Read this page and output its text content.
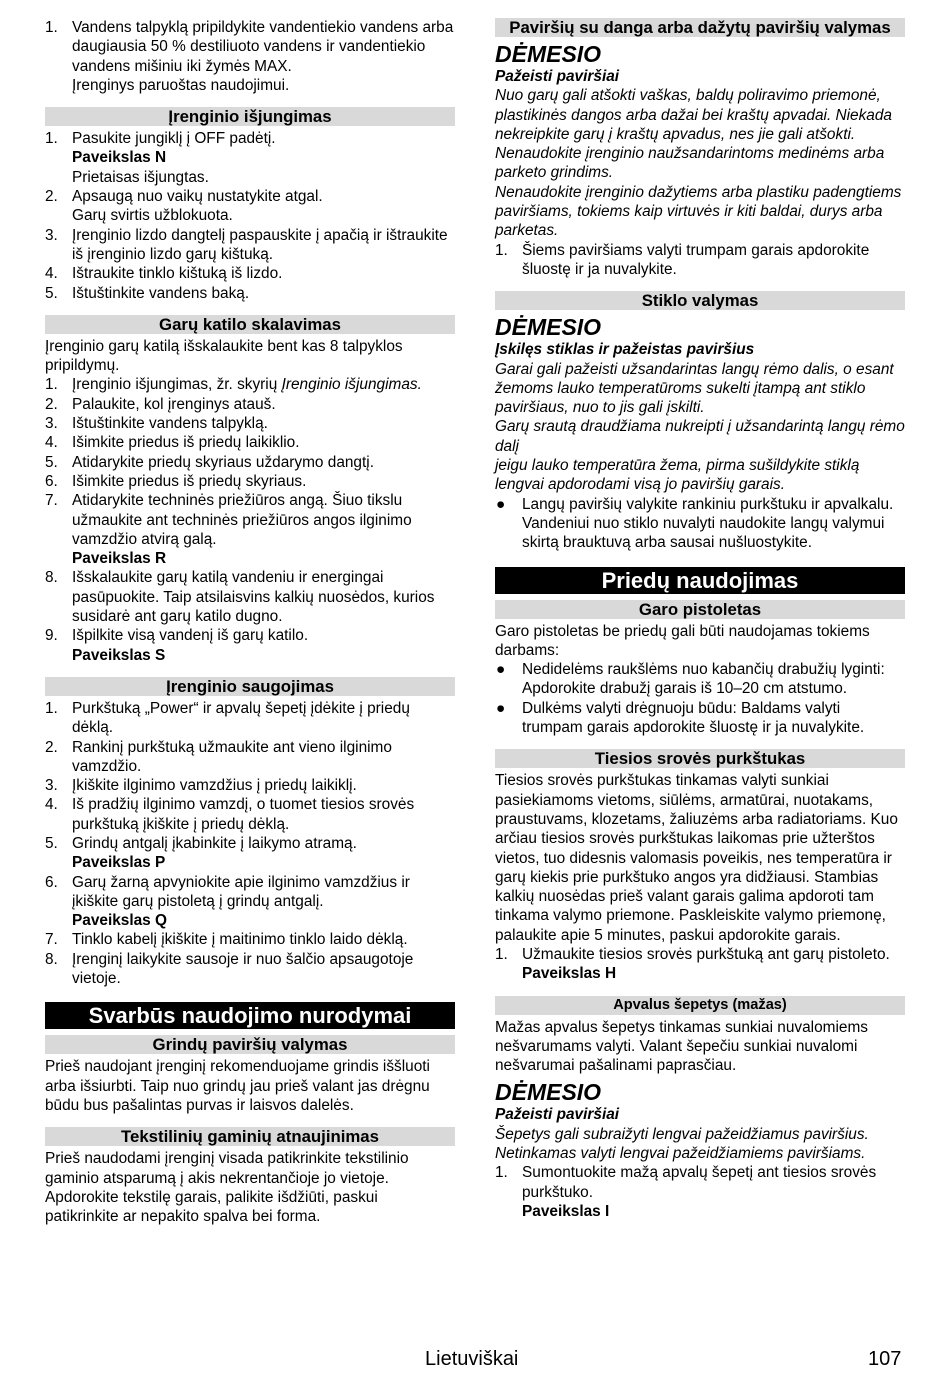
1. Vandens talpyklą pripildykite vandentiekio vandens arba daugiausia 50 % destiliuoto vandens ir vandentiekio vandens mišiniu iki žymės MAX.
Įrenginys paruoštas naudojimui.
Įrenginio išjungimas
1. Pasukite jungiklį į OFF padėtį.
Paveikslas N
Prietaisas išjungtas.
2. Apsaugą nuo vaikų nustatykite atgal.
Garų svirtis užblokuota.
3. Įrenginio lizdo dangtelį paspauskite į apačią ir ištraukite iš įrenginio lizdo garų kištuką.
4. Ištraukite tinklo kištuką iš lizdo.
5. Ištuštinkite vandens baką.
Garų katilo skalavimas
Įrenginio garų katilą išskalaukite bent kas 8 talpyklos pripildymų.
1. Įrenginio išjungimas, žr. skyrių Įrenginio išjungimas.
2. Palaukite, kol įrenginys atauš.
3. Ištuštinkite vandens talpyklą.
4. Išimkite priedus iš priedų laikiklio.
5. Atidarykite priedų skyriaus uždarymo dangtį.
6. Išimkite priedus iš priedų skyriaus.
7. Atidarykite techninės priežiūros angą. Šiuo tikslu užmaukite ant techninės priežiūros angos ilginimo vamzdžio atvirą galą.
Paveikslas R
8. Išskalaukite garų katilą vandeniu ir energingai pasūpuokite. Taip atsilaisvins kalkių nuosėdos, kurios susidarė ant garų katilo dugno.
9. Išpilkite visą vandenį iš garų katilo.
Paveikslas S
Įrenginio saugojimas
1. Purkštuką „Power“ ir apvalų šepetį įdėkite į priedų dėklą.
2. Rankinį purkštuką užmaukite ant vieno ilginimo vamzdžio.
3. Įkiškite ilginimo vamzdžius į priedų laikiklį.
4. Iš pradžių ilginimo vamzdį, o tuomet tiesios srovės purkštuką įkiškite į priedų dėklą.
5. Grindų antgalį įkabinkite į laikymo atramą.
Paveikslas P
6. Garų žarną apvyniokite apie ilginimo vamzdžius ir įkiškite garų pistoletą į grindų antgalį.
Paveikslas Q
7. Tinklo kabelį įkiškite į maitinimo tinklo laido dėklą.
8. Įrenginį laikykite sausoje ir nuo šalčio apsaugotoje vietoje.
Svarbūs naudojimo nurodymai
Grindų paviršių valymas
Prieš naudojant įrenginį rekomenduojame grindis iššluoti arba išsiurbti. Taip nuo grindų jau prieš valant jas drėgnu būdu bus pašalintas purvas ir laisvos dalelės.
Tekstilinių gaminių atnaujinimas
Prieš naudodami įrenginį visada patikrinkite tekstilinio gaminio atsparumą į akis nekrentančioje jo vietoje. Apdorokite tekstilę garais, palikite išdžiūti, paskui patikrinkite ar nepakito spalva bei forma.
Paviršių su danga arba dažytų paviršių valymas
DĖMESIO
Pažeisti paviršiai
Nuo garų gali atšokti vaškas, baldų poliravimo priemonė, plastikinės dangos arba dažai bei kraštų apvadai. Niekada nekreipkite garų į kraštų apvadus, nes jie gali atšokti.
Nenaudokite įrenginio naužsandarintoms medinėms arba parketo grindims.
Nenaudokite įrenginio dažytiems arba plastiku padengtiems paviršiams, tokiems kaip virtuvės ir kiti baldai, durys arba parketas.
1. Šiems paviršiams valyti trumpam garais apdorokite šluostę ir ja nuvalykite.
Stiklo valymas
DĖMESIO
Įskilęs stiklas ir pažeistas paviršius
Garai gali pažeisti užsandarintas langų rėmo dalis, o esant žemoms lauko temperatūroms sukelti įtampą ant stiklo paviršiaus, nuo to jis gali įskilti.
Garų srautą draudžiama nukreipti į užsandarintą langų rėmo dalį
jeigu lauko temperatūra žema, pirma sušildykite stiklą lengvai apdorodami visą jo paviršių garais.
● Langų paviršių valykite rankiniu purkštuku ir apvalkalu. Vandeniui nuo stiklo nuvalyti naudokite langų valymui skirtą brauktuvą arba sausai nušluostykite.
Priedų naudojimas
Garo pistoletas
Garo pistoletas be priedų gali būti naudojamas tokiems darbams:
● Nedidelėms raukšlėms nuo kabančių drabužių lyginti: Apdorokite drabužį garais iš 10–20 cm atstumo.
● Dulkėms valyti drėgnuoju būdu: Baldams valyti trumpam garais apdorokite šluostę ir ja nuvalykite.
Tiesios srovės purkštukas
Tiesios srovės purkštukas tinkamas valyti sunkiai pasiekiamoms vietoms, siūlėms, armatūrai, nuotakams, praustuvams, klozetams, žaliuzėms arba radiatoriams. Kuo arčiau tiesios srovės purkštukas laikomas prie užterštos vietos, tuo didesnis valomasis poveikis, nes temperatūra ir garų kiekis prie purkštuko angos yra didžiausi. Stambias kalkių nuosėdas prieš valant garais galima apdoroti tam tinkama valymo priemone. Paskleiskite valymo priemonę, palaukite apie 5 minutes, paskui apdorokite garais.
1. Užmaukite tiesios srovės purkštuką ant garų pistoleto.
Paveikslas H
Apvalus šepetys (mažas)
Mažas apvalus šepetys tinkamas sunkiai nuvalomiems nešvarumams valyti. Valant šepečiu sunkiai nuvalomi nešvarumai pašalinami paprasčiau.
DĖMESIO
Pažeisti paviršiai
Šepetys gali subraižyti lengvai pažeidžiamus paviršius. Netinkamas valyti lengvai pažeidžiamiems paviršiams.
1. Sumontuokite mažą apvalų šepetį ant tiesios srovės purkštuko.
Paveikslas I
Lietuviškai	107
